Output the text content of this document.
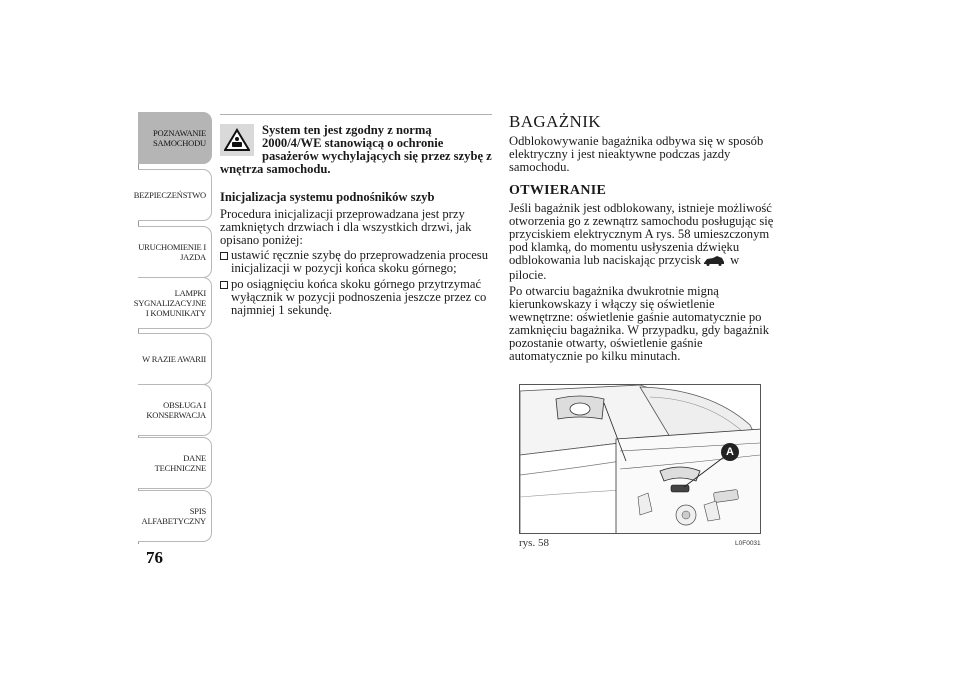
POZNAWANIE
SAMOCHODU
BEZPIECZEŃSTWO
URUCHOMIENIE I
JAZDA
LAMPKI
SYGNALIZACYJNE
I KOMUNIKATY
W RAZIE AWARII
OBSŁUGA I
KONSERWACJA
DANE
TECHNICZNE
SPIS
ALFABETYCZNY
76

System ten jest zgodny z normą 2000/4/WE stanowiącą o ochronie pasażerów wychylających się przez szybę z wnętrza samochodu.

Inicjalizacja systemu podnośników szyb

Procedura inicjalizacji przeprowadzana jest przy zamkniętych drzwiach i dla wszystkich drzwi, jak opisano poniżej:

ustawić ręcznie szybę do przeprowadzenia procesu inicjalizacji w pozycji końca skoku górnego;
po osiągnięciu końca skoku górnego przytrzymać wyłącznik w pozycji podnoszenia jeszcze przez co najmniej 1 sekundę.
BAGAŻNIK

Odblokowywanie bagażnika odbywa się w sposób elektryczny i jest nieaktywne podczas jazdy samochodu.

OTWIERANIE

Jeśli bagażnik jest odblokowany, istnieje możliwość otworzenia go z zewnątrz samochodu posługując się przyciskiem elektrycznym A rys. 58 umieszczonym pod klamką, do momentu usłyszenia dźwięku odblokowania lub naciskając przycisk w pilocie.

Po otwarciu bagażnika dwukrotnie migną kierunkowskazy i włączy się oświetlenie wewnętrzne: oświetlenie gaśnie automatycznie po zamknięciu bagażnika. W przypadku, gdy bagażnik pozostanie otwarty, oświetlenie gaśnie automatycznie po kilku minutach.

A
rys. 58	L0F0031
